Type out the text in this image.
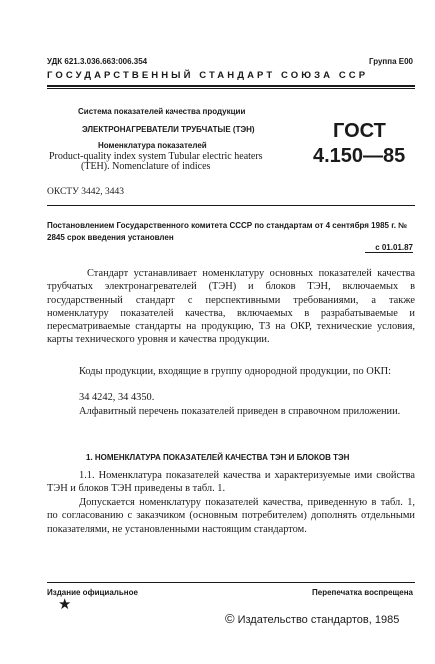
УДК 621.3.036.663:006.354	Группа Е00
ГОСУДАРСТВЕННЫЙ СТАНДАРТ СОЮЗА ССР
Система показателей качества продукции
ЭЛЕКТРОНАГРЕВАТЕЛИ ТРУБЧАТЫЕ (ТЭН)
Номенклатура показателей
Product-quality index system Tubular electric heaters
(ТЕН). Nomenclature of indices
ГОСТ
4.150—85
ОКСТУ 3442, 3443
Постановлением Государственного комитета СССР по стандартам от 4 сентября 1985 г. № 2845 срок введения установлен
с 01.01.87
Стандарт устанавливает номенклатуру основных показателей качества трубчатых электронагревателей (ТЭН) и блоков ТЭН, включаемых в государственный стандарт с перспективными требованиями, а также номенклатуру показателей качества, включаемых в разрабатываемые и пересматриваемые стандарты на продукцию, ТЗ на ОКР, технические условия, карты технического уровня и качества продукции.
Коды продукции, входящие в группу однородной продукции, по ОКП:
34 4242, 34 4350.
Алфавитный перечень показателей приведен в справочном приложении.
1. НОМЕНКЛАТУРА ПОКАЗАТЕЛЕЙ КАЧЕСТВА ТЭН И БЛОКОВ ТЭН
1.1. Номенклатура показателей качества и характеризуемые ими свойства ТЭН и блоков ТЭН приведены в табл. 1.
Допускается номенклатуру показателей качества, приведенную в табл. 1, по согласованию с заказчиком (основным потребителем) дополнять отдельными показателями, не установленными настоящим стандартом.
Издание официальное	Перепечатка воспрещена
★
© Издательство стандартов, 1985
